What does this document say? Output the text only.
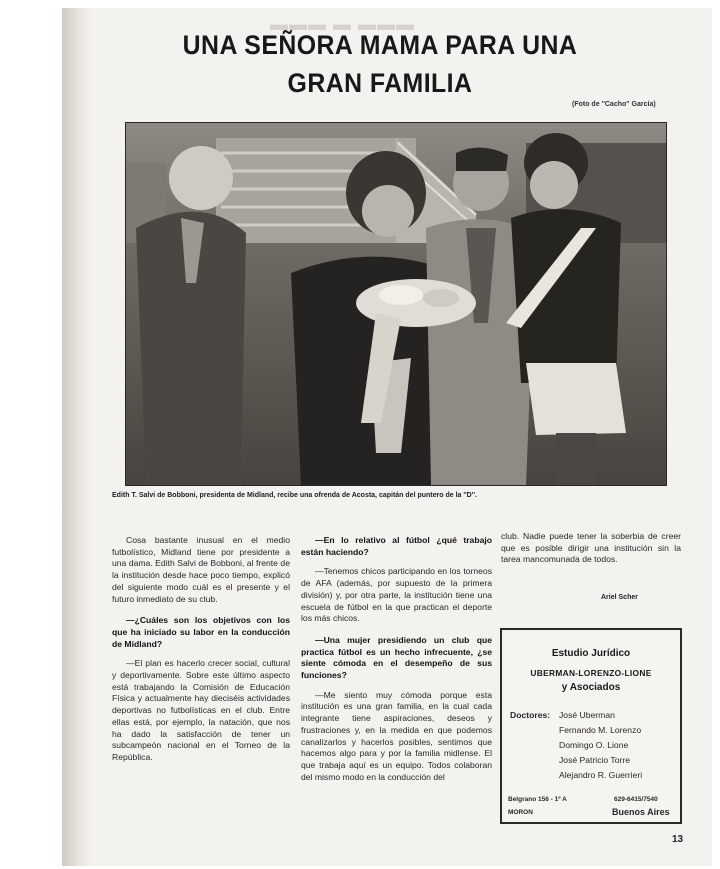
▬▬▬ ▬ ▬▬▬
UNA SEÑORA MAMA PARA UNA
GRAN FAMILIA
(Foto de ''Cacho'' García)
Edith T. Salvi de Bobboni, presidenta de Midland, recibe una ofrenda de Acosta, capitán del puntero de la ''D''.

Cosa bastante inusual en el medio futbolístico, Midland tiene por presidente a una dama. Edith Salvi de Bobboni, al frente de la institución desde hace poco tiempo, explicó del siguiente modo cuál es el presente y el futuro inmediato de su club.

—¿Cuáles son los objetivos con los que ha iniciado su labor en la conducción de Midland?

—El plan es hacerlo crecer social, cultural y deportivamente. Sobre este último aspecto está trabajando la Comisión de Educación Física y actualmente hay dieciséis actividades deportivas no futbolísticas en el club. Entre ellas está, por ejemplo, la natación, que nos ha dado la satisfacción de tener un subcampeón nacional en el Torneo de la República.

—En lo relativo al fútbol ¿qué trabajo están haciendo?

—Tenemos chicos participando en los torneos de AFA (además, por supuesto de la primera división) y, por otra parte, la institución tiene una escuela de fútbol en la que practican el deporte los más chicos.

—Una mujer presidiendo un club que practica fútbol es un hecho infrecuente, ¿se siente cómoda en el desempeño de sus funciones?

—Me siento muy cómoda porque esta institución es una gran familia, en la cual cada integrante tiene aspiraciones, deseos y frustraciones y, en la medida en que podemos canalizarlos y hacerlos posibles, sentimos que hacemos algo para y por la familia midlense. El que trabaja aquí es un equipo. Todos colaboran del mismo modo en la conducción del

club. Nadie puede tener la soberbia de creer que es posible dirigir una institución sin la tarea mancomunada de todos.

Ariel Scher
Estudio Jurídico
UBERMAN-LORENZO-LIONE
y Asociados
Doctores: José Uberman
Fernando M. Lorenzo
Domingo O. Lione
José Patricio Torre
Alejandro R. Guerrieri
Belgrano 156 - 1º A	629-6415/7540
MORON	Buenos Aires
13
